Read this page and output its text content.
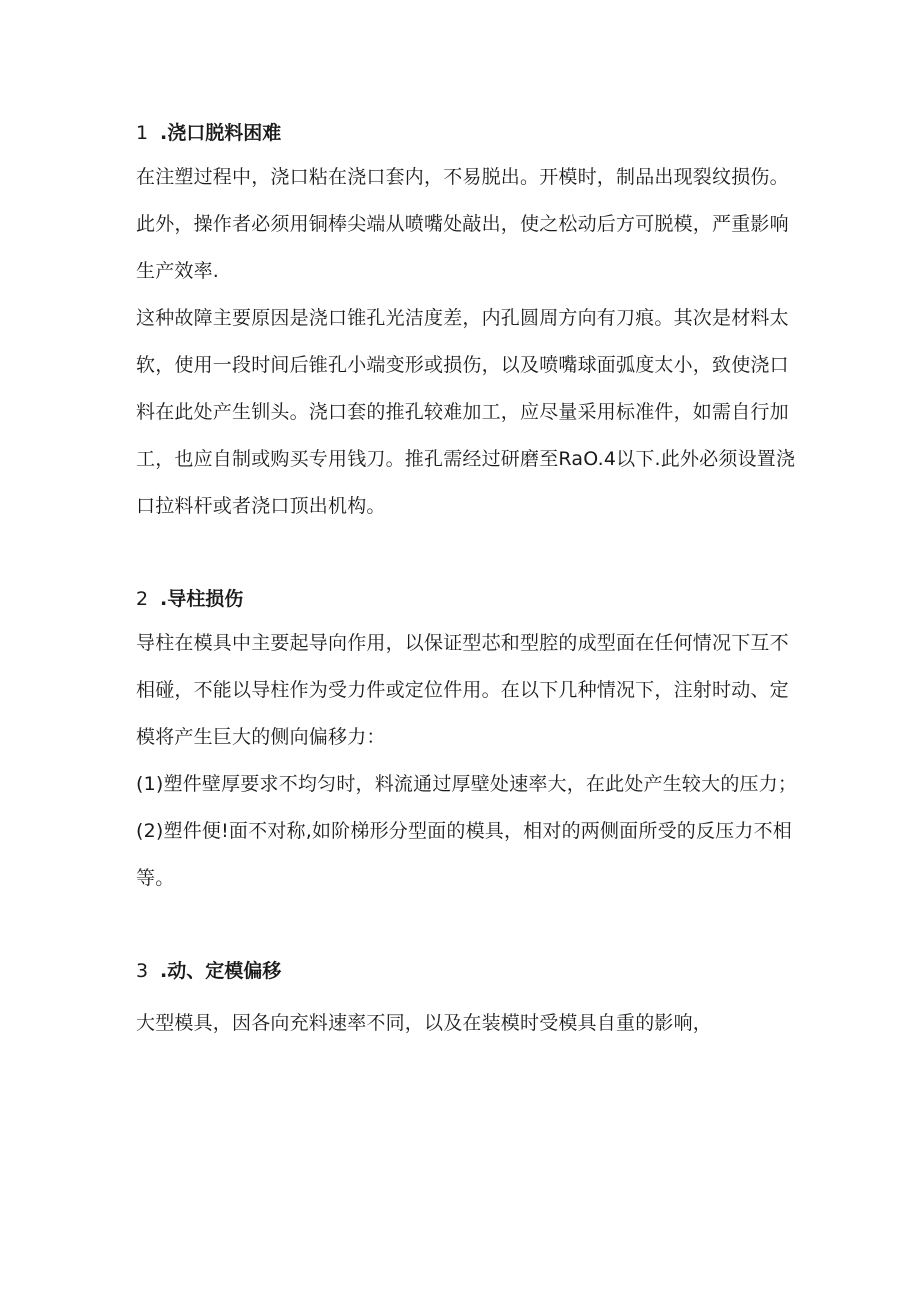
1 .浇口脱料困难

在注塑过程中，浇口粘在浇口套内，不易脱出。开模时，制品出现裂纹损伤。此外，操作者必须用铜棒尖端从喷嘴处敲出，使之松动后方可脱模，严重影响生产效率.

这种故障主要原因是浇口锥孔光洁度差，内孔圆周方向有刀痕。其次是材料太软，使用一段时间后锥孔小端变形或损伤，以及喷嘴球面弧度太小，致使浇口料在此处产生钏头。浇口套的推孔较难加工，应尽量采用标准件，如需自行加工，也应自制或购买专用钱刀。推孔需经过研磨至RaO.4以下.此外必须设置浇口拉料杆或者浇口顶出机构。

2 .导柱损伤

导柱在模具中主要起导向作用，以保证型芯和型腔的成型面在任何情况下互不相碰，不能以导柱作为受力件或定位件用。在以下几种情况下，注射时动、定模将产生巨大的侧向偏移力：

(1)塑件壁厚要求不均匀时，料流通过厚壁处速率大，在此处产生较大的压力；

(2)塑件便!面不对称,如阶梯形分型面的模具，相对的两侧面所受的反压力不相等。

3 .动、定模偏移

大型模具，因各向充料速率不同，以及在装模时受模具自重的影响，
